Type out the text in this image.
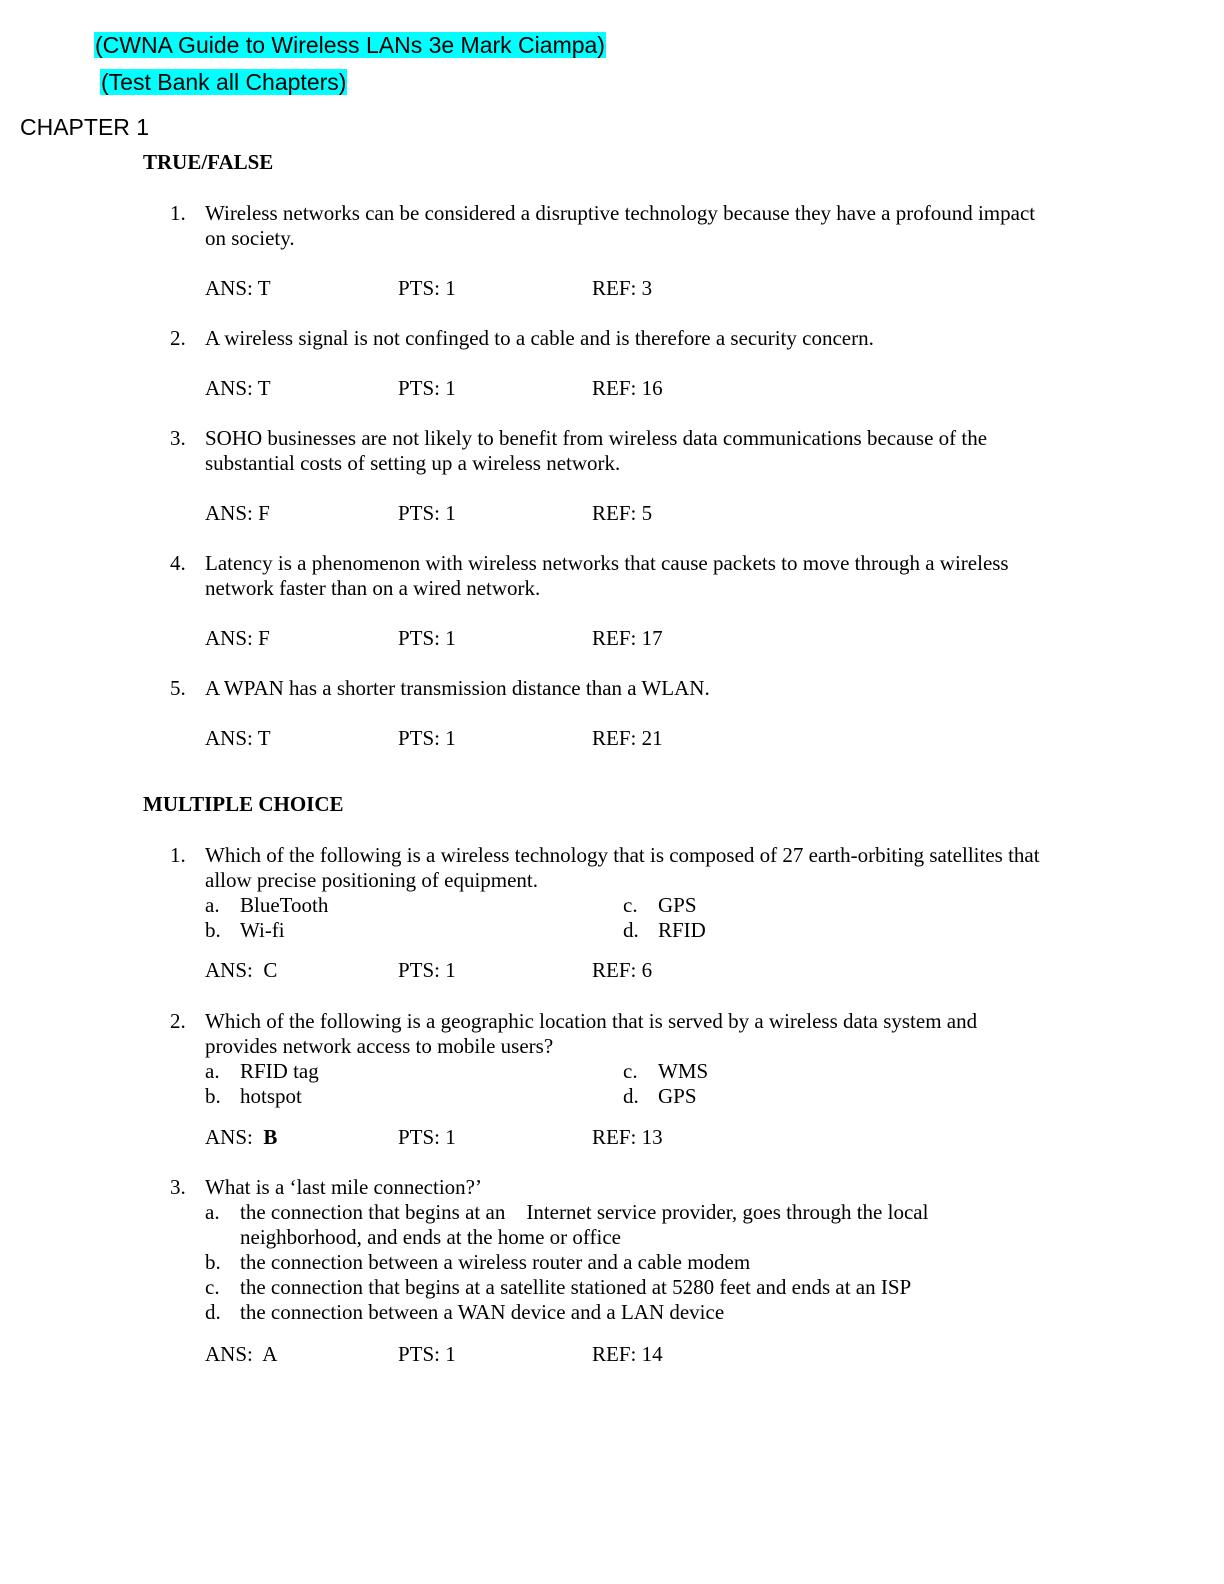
(CWNA Guide to Wireless LANs 3e Mark Ciampa)
(Test Bank all Chapters)
CHAPTER 1
TRUE/FALSE
1. Wireless networks can be considered a disruptive technology because they have a profound impact
on society.
ANS: T	PTS: 1	REF: 3
2. A wireless signal is not confinged to a cable and is therefore a security concern.
ANS: T	PTS: 1	REF: 16
3. SOHO businesses are not likely to benefit from wireless data communications because of the
substantial costs of setting up a wireless network.
ANS: F	PTS: 1	REF: 5
4. Latency is a phenomenon with wireless networks that cause packets to move through a wireless
network faster than on a wired network.
ANS: F	PTS: 1	REF: 17
5. A WPAN has a shorter transmission distance than a WLAN.
ANS: T	PTS: 1	REF: 21
MULTIPLE CHOICE
1. Which of the following is a wireless technology that is composed of 27 earth-orbiting satellites that
allow precise positioning of equipment.
a. BlueTooth	c. GPS
b. Wi-fi	d. RFID
ANS:  C	PTS: 1	REF: 6
2. Which of the following is a geographic location that is served by a wireless data system and
provides network access to mobile users?
a. RFID tag	c. WMS
b. hotspot	d. GPS
ANS:  B	PTS: 1	REF: 13
3. What is a ‘last mile connection?’
a. the connection that begins at an    Internet service provider, goes through the local
neighborhood, and ends at the home or office
b. the connection between a wireless router and a cable modem
c. the connection that begins at a satellite stationed at 5280 feet and ends at an ISP
d. the connection between a WAN device and a LAN device
ANS:  A	PTS: 1	REF: 14
